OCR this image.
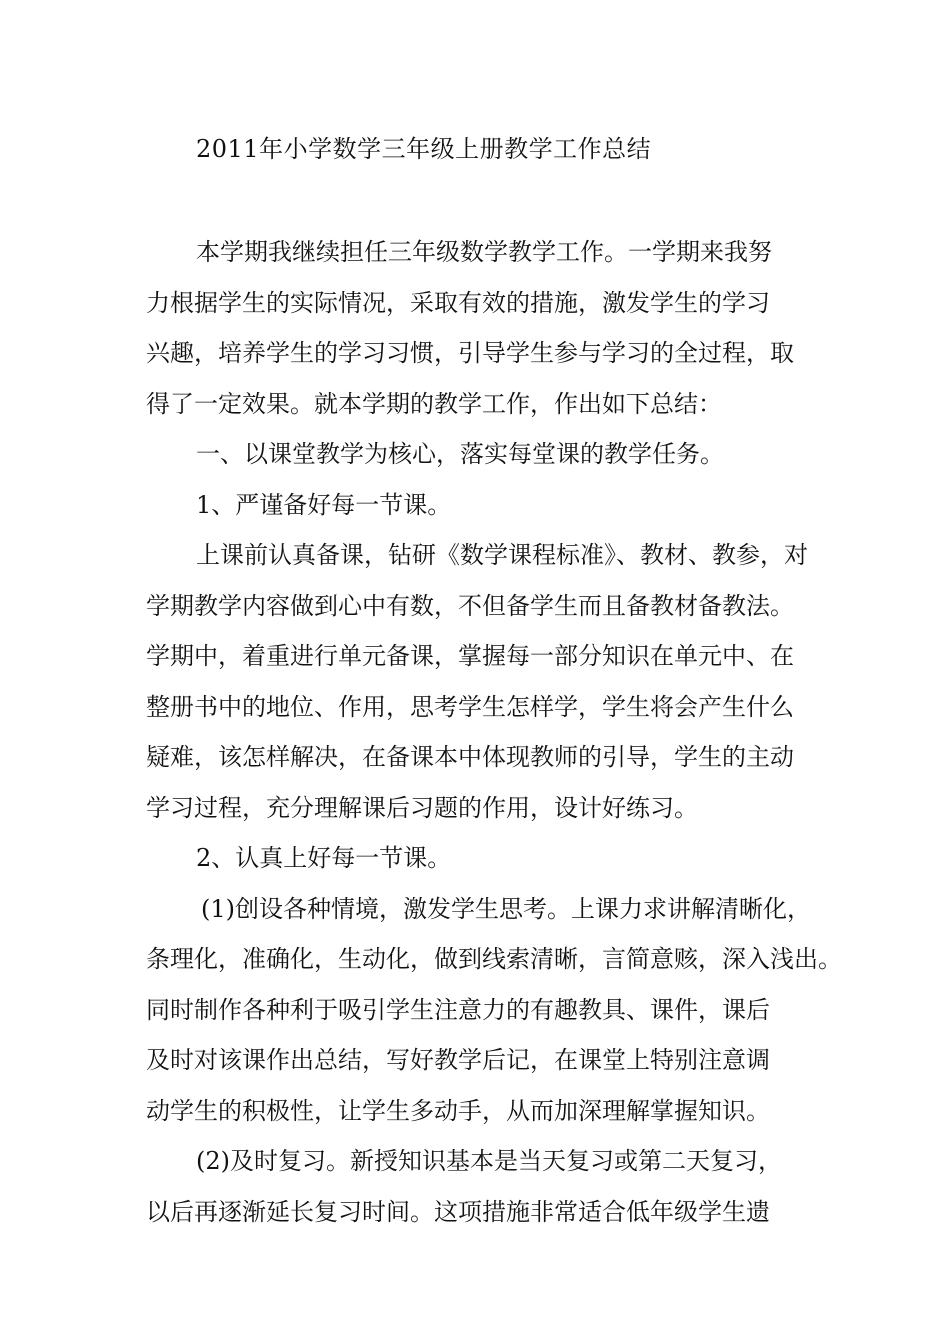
2011年小学数学三年级上册教学工作总结
本学期我继续担任三年级数学教学工作。一学期来我努
力根据学生的实际情况，采取有效的措施，激发学生的学习
兴趣，培养学生的学习习惯，引导学生参与学习的全过程，取
得了一定效果。就本学期的教学工作，作出如下总结：
一、以课堂教学为核心，落实每堂课的教学任务。
1、严谨备好每一节课。
上课前认真备课，钻研《数学课程标准》、教材、教参，对
学期教学内容做到心中有数，不但备学生而且备教材备教法。
学期中，着重进行单元备课，掌握每一部分知识在单元中、在
整册书中的地位、作用，思考学生怎样学，学生将会产生什么
疑难，该怎样解决，在备课本中体现教师的引导，学生的主动
学习过程，充分理解课后习题的作用，设计好练习。
2、认真上好每一节课。
(1)创设各种情境，激发学生思考。上课力求讲解清晰化，
条理化，准确化，生动化，做到线索清晰，言简意赅，深入浅出。
同时制作各种利于吸引学生注意力的有趣教具、课件，课后
及时对该课作出总结，写好教学后记，在课堂上特别注意调
动学生的积极性，让学生多动手，从而加深理解掌握知识。
(2)及时复习。新授知识基本是当天复习或第二天复习，
以后再逐渐延长复习时间。这项措施非常适合低年级学生遗
